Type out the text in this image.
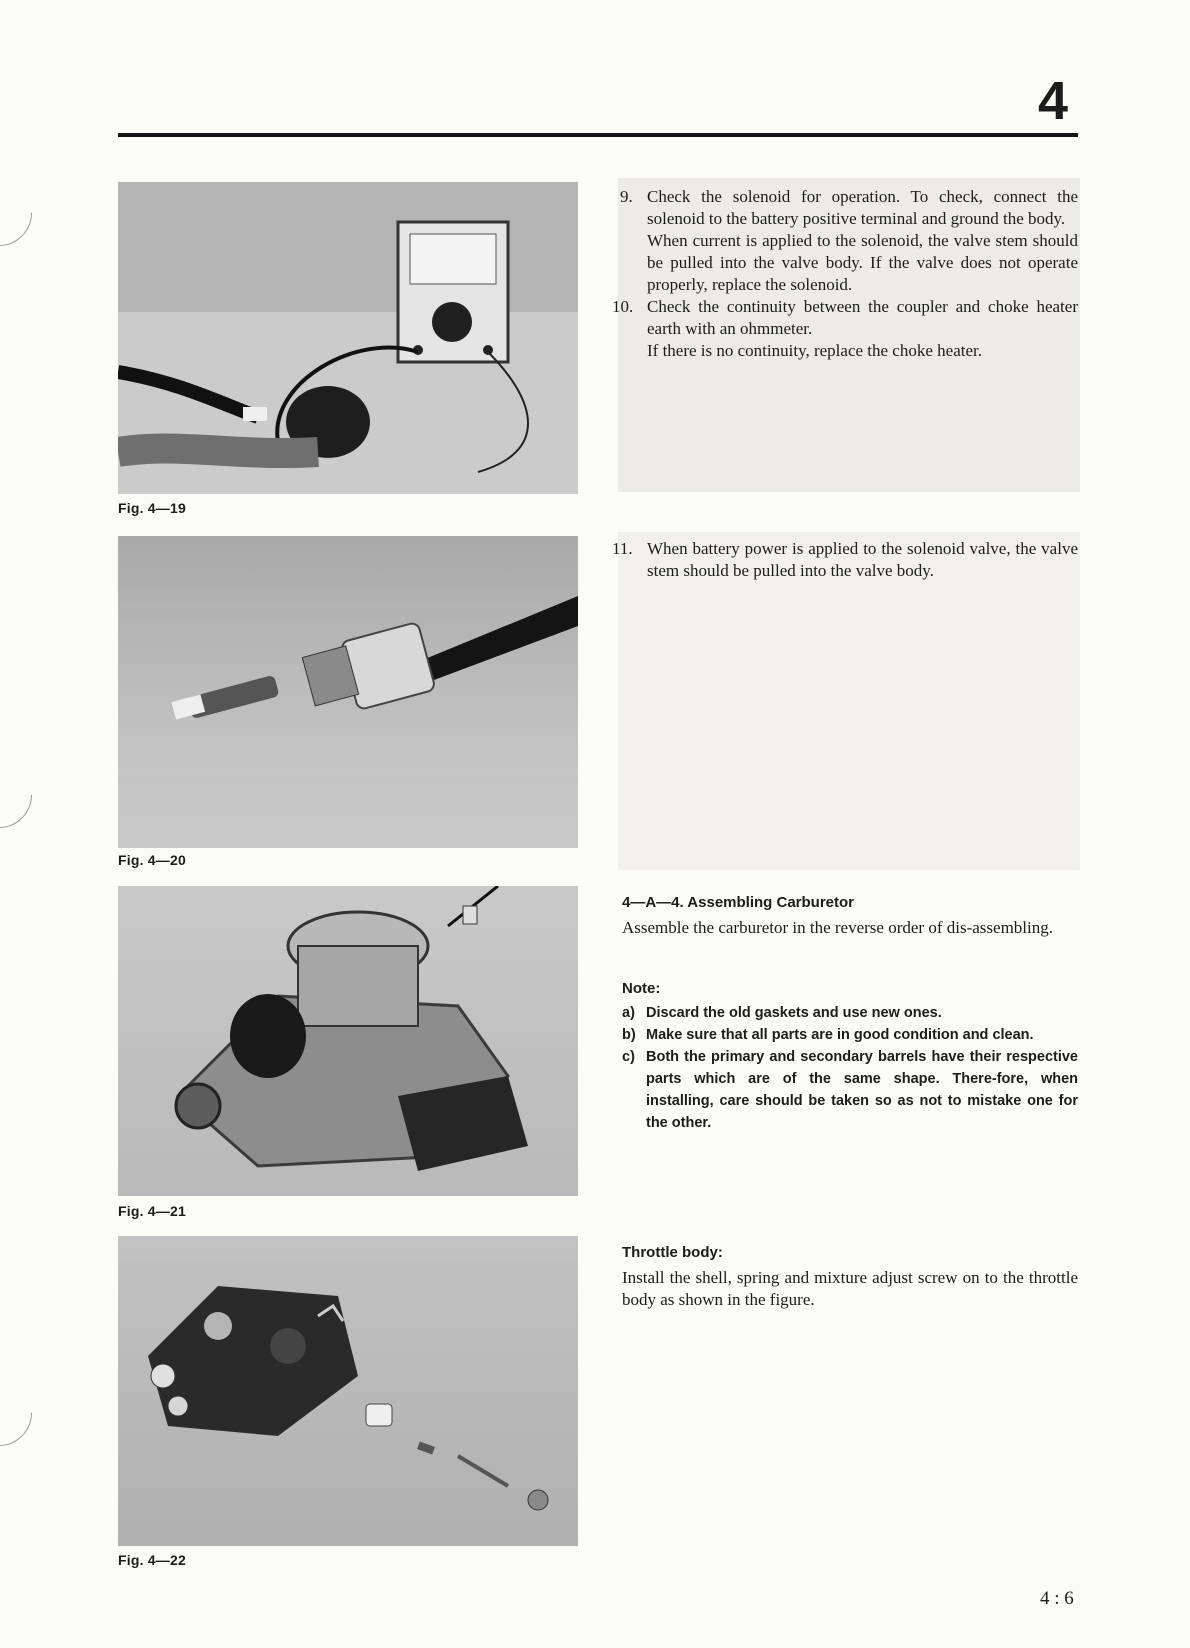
4
Fig. 4—19
Fig. 4—20
Fig. 4—21
Fig. 4—22
9. Check the solenoid for operation. To check, connect the solenoid to the battery positive terminal and ground the body.

When current is applied to the solenoid, the valve stem should be pulled into the valve body. If the valve does not operate properly, replace the solenoid.

10. Check the continuity between the coupler and choke heater earth with an ohmmeter.

If there is no continuity, replace the choke heater.

11. When battery power is applied to the solenoid valve, the valve stem should be pulled into the valve body.

4—A—4. Assembling Carburetor

Assemble the carburetor in the reverse order of dis-assembling.

Note:
a) Discard the old gaskets and use new ones.
b) Make sure that all parts are in good condition and clean.
c) Both the primary and secondary barrels have their respective parts which are of the same shape. There-fore, when installing, care should be taken so as not to mistake one for the other.
Throttle body:

Install the shell, spring and mixture adjust screw on to the throttle body as shown in the figure.

4 : 6
